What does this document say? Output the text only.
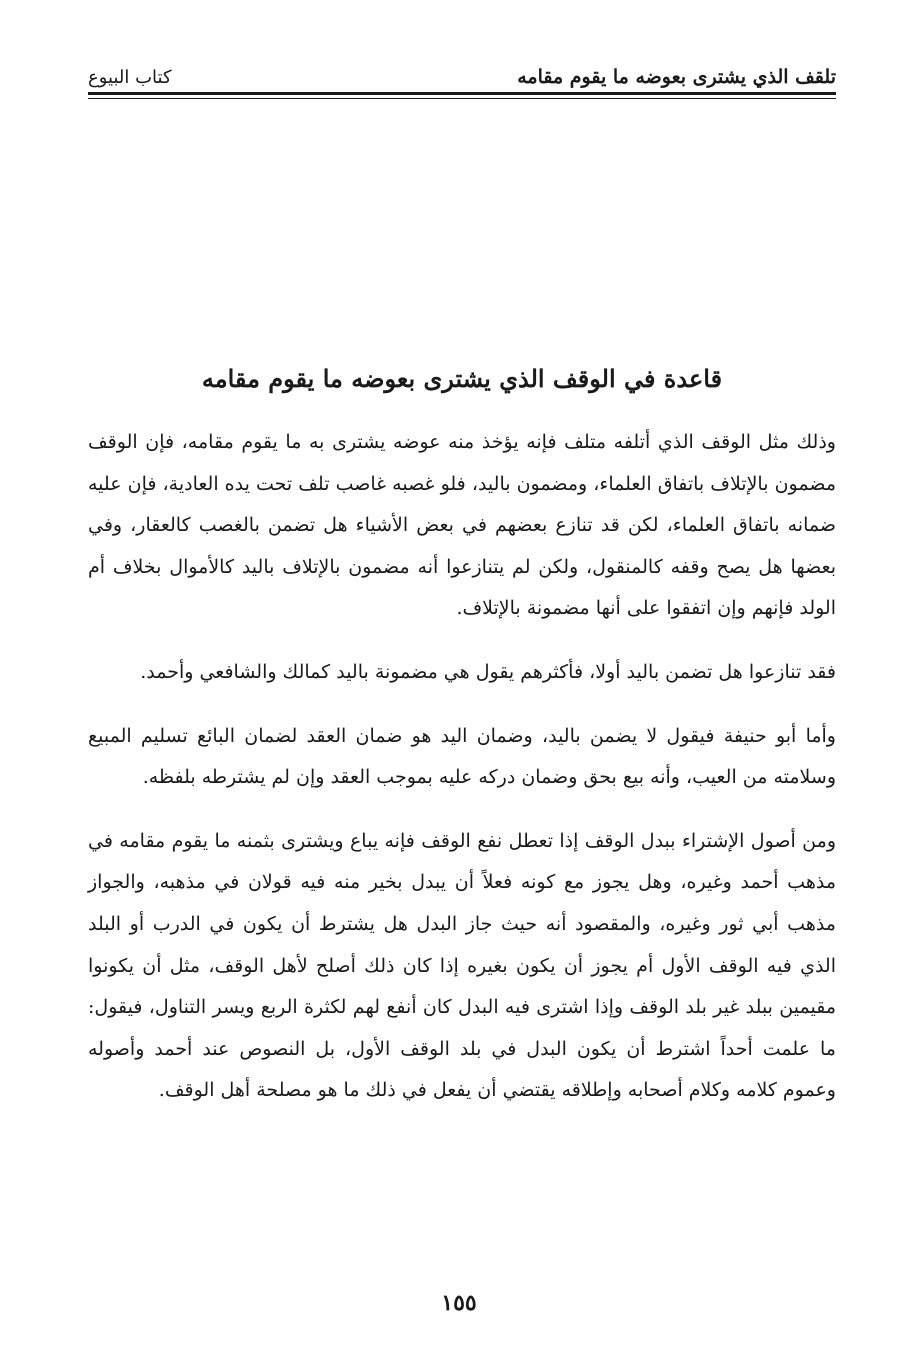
تلقف الذي يشترى بعوضه ما يقوم مقامه
كتاب البيوع
قاعدة في الوقف الذي يشترى بعوضه ما يقوم مقامه

وذلك مثل الوقف الذي أتلفه متلف فإنه يؤخذ منه عوضه يشترى به ما يقوم مقامه، فإن الوقف مضمون بالإتلاف باتفاق العلماء، ومضمون باليد، فلو غصبه غاصب تلف تحت يده العادية، فإن عليه ضمانه باتفاق العلماء، لكن قد تنازع بعضهم في بعض الأشياء هل تضمن بالغصب كالعقار، وفي بعضها هل يصح وقفه كالمنقول، ولكن لم يتنازعوا أنه مضمون بالإتلاف باليد كالأموال بخلاف أم الولد فإنهم وإن اتفقوا على أنها مضمونة بالإتلاف.

فقد تنازعوا هل تضمن باليد أولا، فأكثرهم يقول هي مضمونة باليد كمالك والشافعي وأحمد.

وأما أبو حنيفة فيقول لا يضمن باليد، وضمان اليد هو ضمان العقد لضمان البائع تسليم المبيع وسلامته من العيب، وأنه بيع بحق وضمان دركه عليه بموجب العقد وإن لم يشترطه بلفظه.

ومن أصول الإشتراء ببدل الوقف إذا تعطل نفع الوقف فإنه يباع ويشترى بثمنه ما يقوم مقامه في مذهب أحمد وغيره، وهل يجوز مع كونه فعلاً أن يبدل بخير منه فيه قولان في مذهبه، والجواز مذهب أبي ثور وغيره، والمقصود أنه حيث جاز البدل هل يشترط أن يكون في الدرب أو البلد الذي فيه الوقف الأول أم يجوز أن يكون بغيره إذا كان ذلك أصلح لأهل الوقف، مثل أن يكونوا مقيمين ببلد غير بلد الوقف وإذا اشترى فيه البدل كان أنفع لهم لكثرة الربع ويسر التناول، فيقول: ما علمت أحداً اشترط أن يكون البدل في بلد الوقف الأول، بل النصوص عند أحمد وأصوله وعموم كلامه وكلام أصحابه وإطلاقه يقتضي أن يفعل في ذلك ما هو مصلحة أهل الوقف.

١٥٥
